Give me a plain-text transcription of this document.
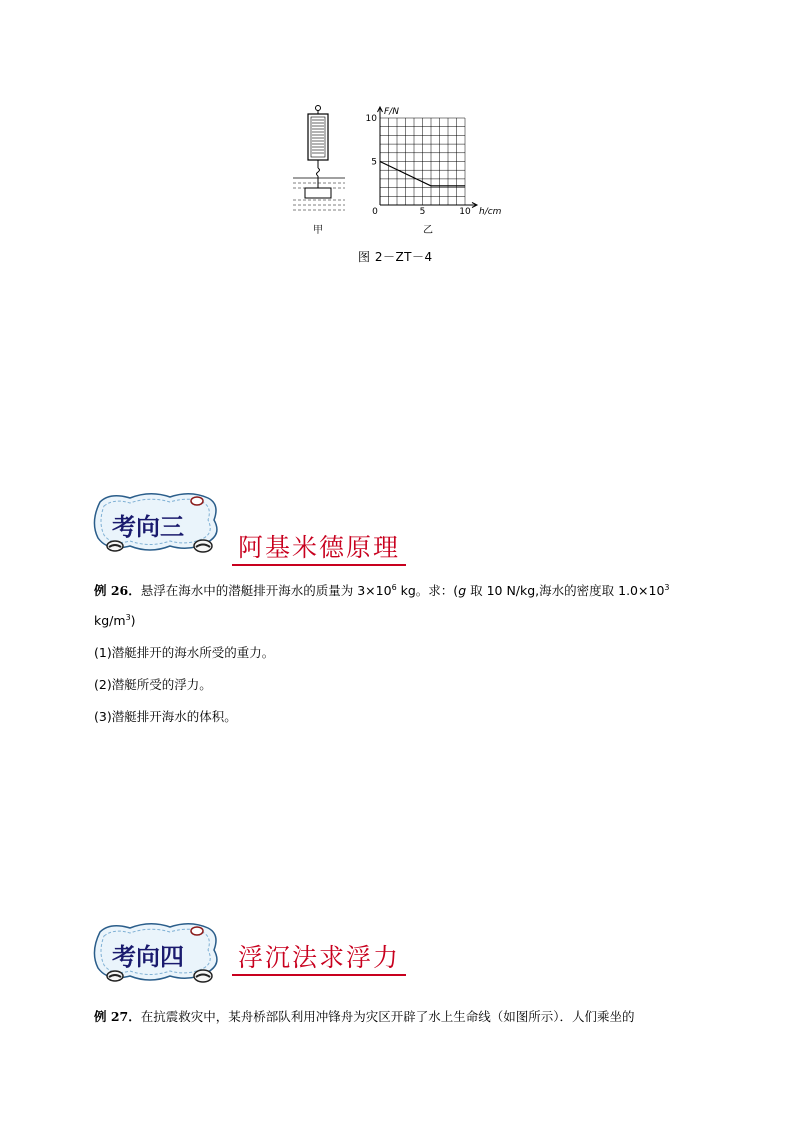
甲
5
10
0	5	10
F/N
h/cm
乙
图 2－ZT－4
考向三
阿基米德原理
例 26．悬浮在海水中的潜艇排开海水的质量为 $3\times 10^6$ kg。求：(g 取 10 N/kg,海水的密度取 $1.0\times 10^3$
$kg/m^3$)
(1)潜艇排开的海水所受的重力。
(2)潜艇所受的浮力。
(3)潜艇排开海水的体积。
考向四 浮沉法求浮力
例 27．在抗震救灾中，某舟桥部队利用冲锋舟为灾区开辟了水上生命线（如图所示）．人们乘坐的
